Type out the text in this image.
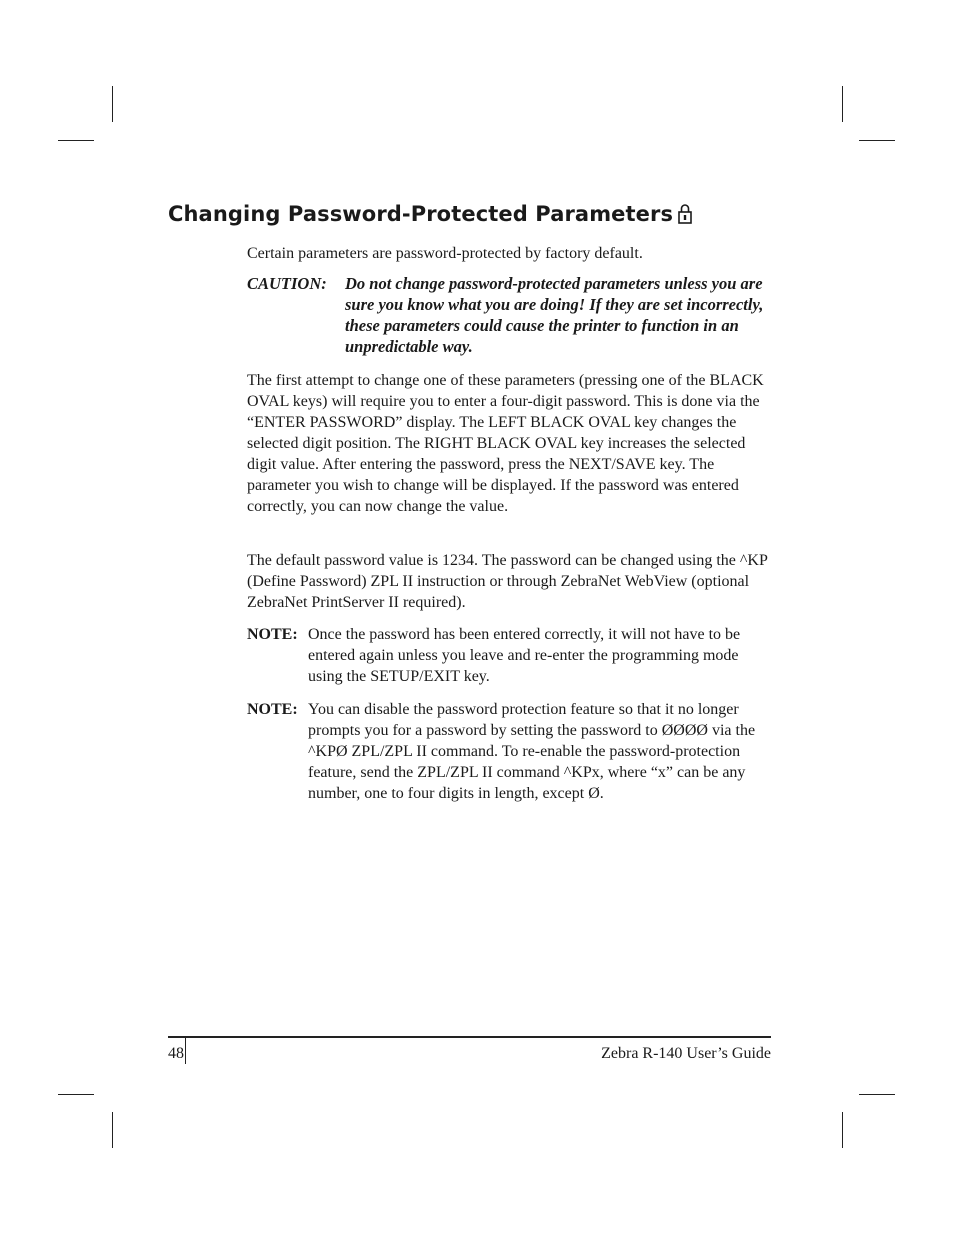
Changing Password-Protected Parameters

Certain parameters are password-protected by factory default.

CAUTION: Do not change password-protected parameters unless you are sure you know what you are doing! If they are set incorrectly, these parameters could cause the printer to function in an unpredictable way.

The first attempt to change one of these parameters (pressing one of the BLACK OVAL keys) will require you to enter a four-digit password. This is done via the “ENTER PASSWORD” display. The LEFT BLACK OVAL key changes the selected digit position. The RIGHT BLACK OVAL key increases the selected digit value. After entering the password, press the NEXT/SAVE key. The parameter you wish to change will be displayed. If the password was entered correctly, you can now change the value.

The default password value is 1234. The password can be changed using the ^KP (Define Password) ZPL II instruction or through ZebraNet WebView (optional ZebraNet PrintServer II required).

NOTE: Once the password has been entered correctly, it will not have to be entered again unless you leave and re-enter the programming mode using the SETUP/EXIT key.
NOTE: You can disable the password protection feature so that it no longer prompts you for a password by setting the password to ØØØØ via the ^KPØ ZPL/ZPL II command. To re-enable the password-protection feature, send the ZPL/ZPL II command ^KPx, where “x” can be any number, one to four digits in length, except Ø.
48	Zebra R-140 User’s Guide
